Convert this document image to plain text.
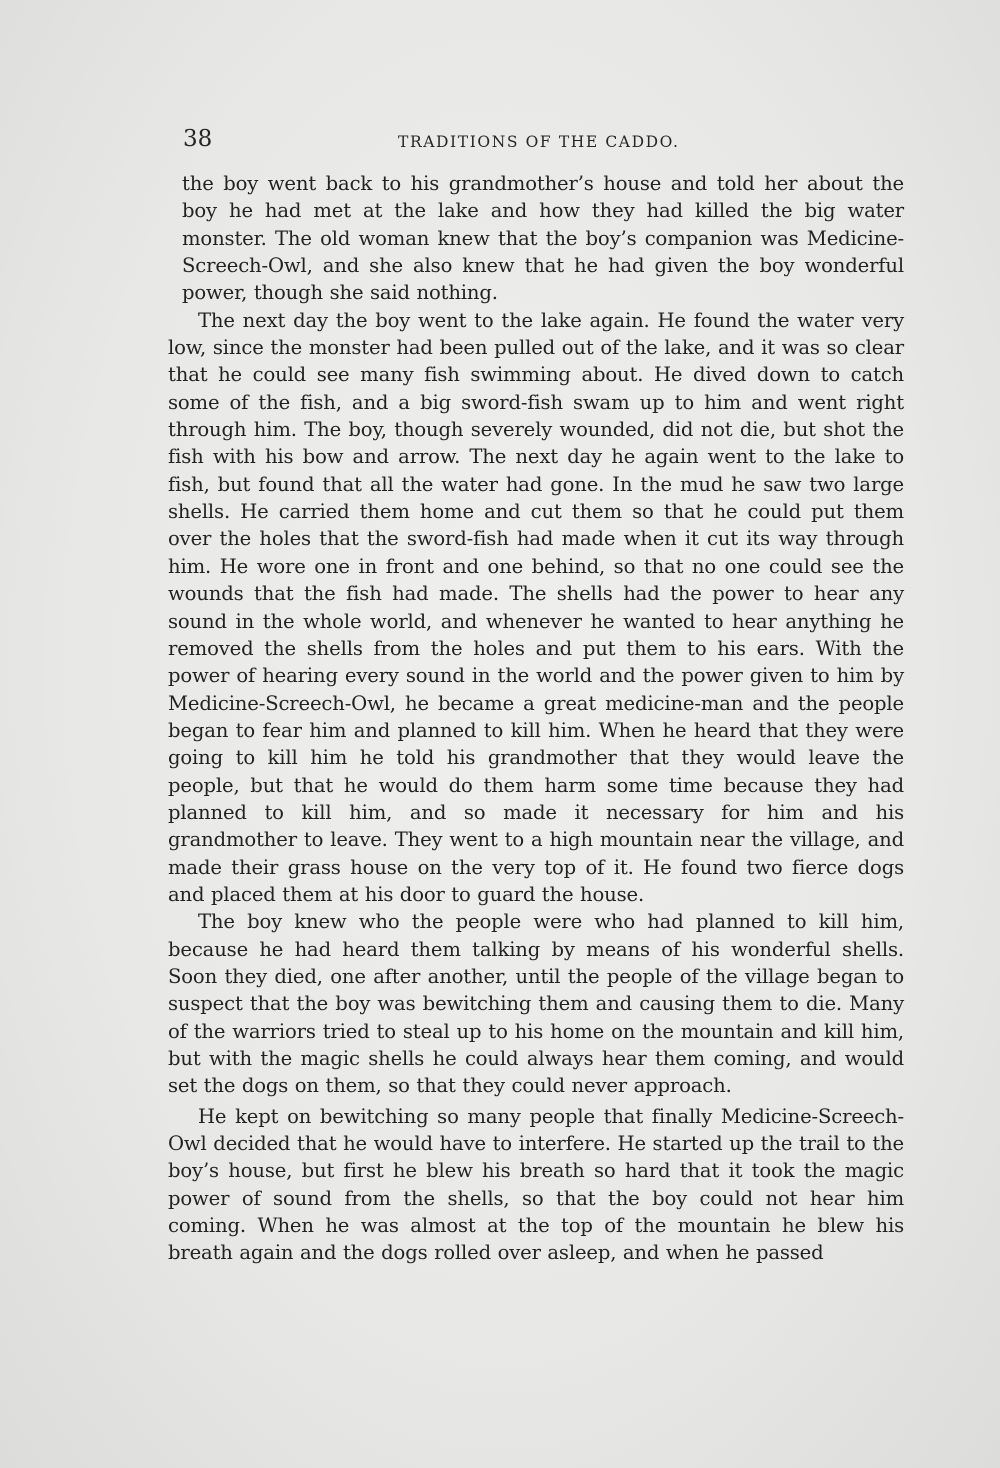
38	TRADITIONS OF THE CADDO.

the boy went back to his grandmother’s house and told her about the boy he had met at the lake and how they had killed the big water monster. The old woman knew that the boy’s companion was Medicine-Screech-Owl, and she also knew that he had given the boy wonderful power, though she said nothing.

The next day the boy went to the lake again. He found the water very low, since the monster had been pulled out of the lake, and it was so clear that he could see many fish swimming about. He dived down to catch some of the fish, and a big sword-fish swam up to him and went right through him. The boy, though severely wounded, did not die, but shot the fish with his bow and arrow. The next day he again went to the lake to fish, but found that all the water had gone. In the mud he saw two large shells. He carried them home and cut them so that he could put them over the holes that the sword-fish had made when it cut its way through him. He wore one in front and one behind, so that no one could see the wounds that the fish had made. The shells had the power to hear any sound in the whole world, and whenever he wanted to hear anything he removed the shells from the holes and put them to his ears. With the power of hearing every sound in the world and the power given to him by Medicine-Screech-Owl, he became a great medicine-man and the people began to fear him and planned to kill him. When he heard that they were going to kill him he told his grandmother that they would leave the people, but that he would do them harm some time because they had planned to kill him, and so made it necessary for him and his grandmother to leave. They went to a high mountain near the village, and made their grass house on the very top of it. He found two fierce dogs and placed them at his door to guard the house.

The boy knew who the people were who had planned to kill him, because he had heard them talking by means of his wonderful shells. Soon they died, one after another, until the people of the village began to suspect that the boy was bewitching them and causing them to die. Many of the warriors tried to steal up to his home on the mountain and kill him, but with the magic shells he could always hear them coming, and would set the dogs on them, so that they could never approach.

He kept on bewitching so many people that finally Medicine-Screech-Owl decided that he would have to interfere. He started up the trail to the boy’s house, but first he blew his breath so hard that it took the magic power of sound from the shells, so that the boy could not hear him coming. When he was almost at the top of the mountain he blew his breath again and the dogs rolled over asleep, and when he passed
